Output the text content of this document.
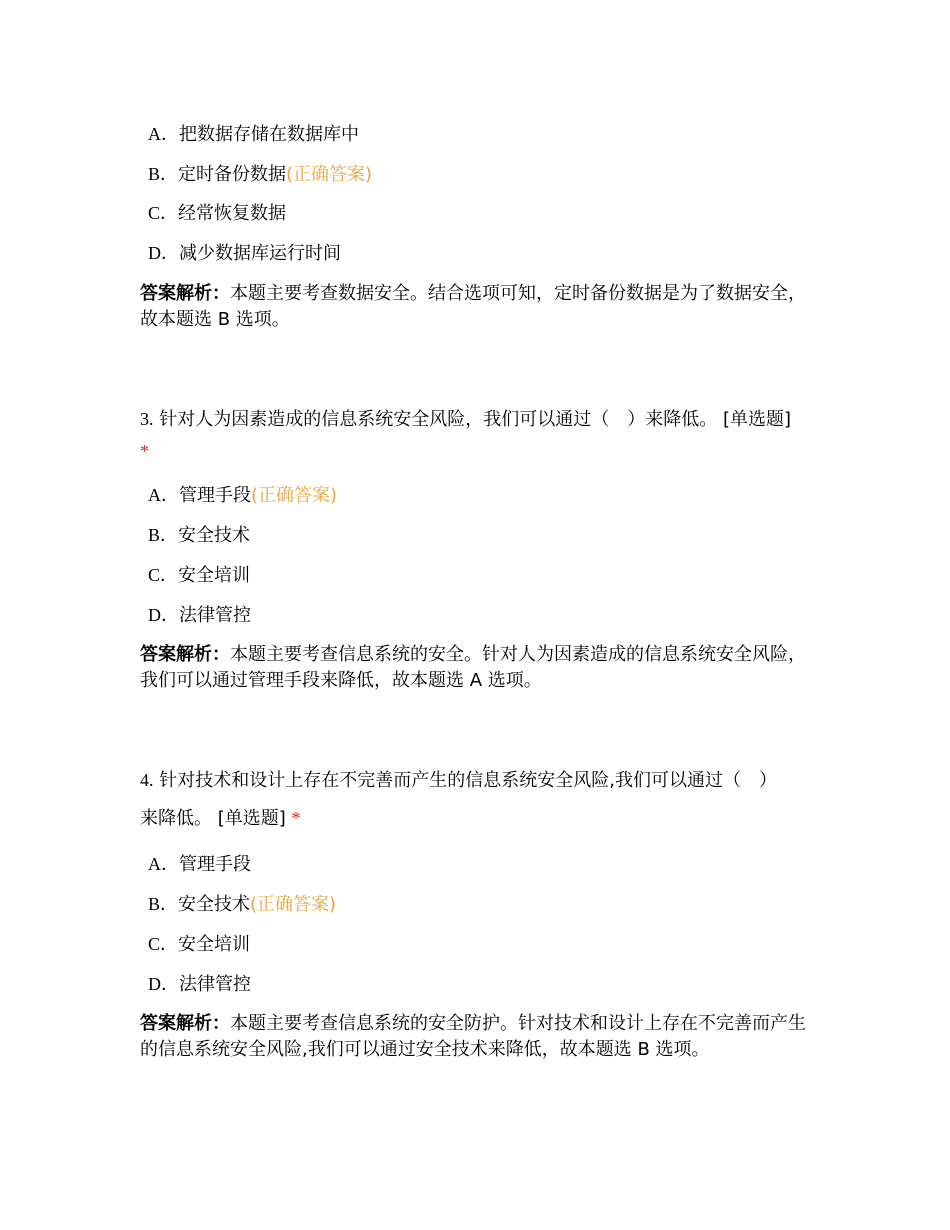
A．把数据存储在数据库中
B．定时备份数据(正确答案)
C．经常恢复数据
D．减少数据库运行时间
答案解析：本题主要考查数据安全。结合选项可知，定时备份数据是为了数据安全，故本题选 B 选项。
3. 针对人为因素造成的信息系统安全风险，我们可以通过（　）来降低。 [单选题]
*
A．管理手段(正确答案)
B．安全技术
C．安全培训
D．法律管控
答案解析：本题主要考查信息系统的安全。针对人为因素造成的信息系统安全风险，我们可以通过管理手段来降低，故本题选 A 选项。
4. 针对技术和设计上存在不完善而产生的信息系统安全风险,我们可以通过（　）
来降低。 [单选题] *
A．管理手段
B．安全技术(正确答案)
C．安全培训
D．法律管控
答案解析：本题主要考查信息系统的安全防护。针对技术和设计上存在不完善而产生的信息系统安全风险,我们可以通过安全技术来降低，故本题选 B 选项。
